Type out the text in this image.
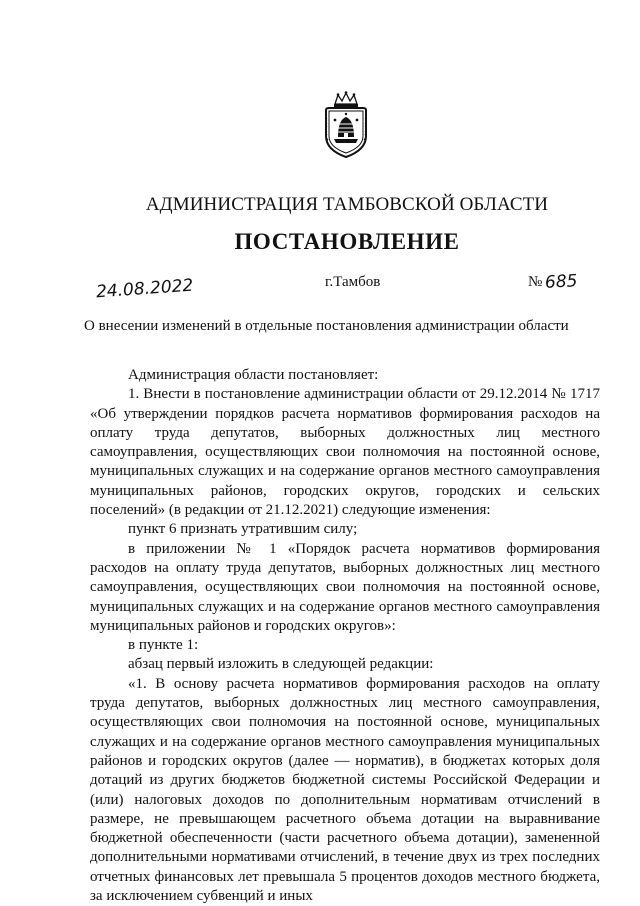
АДМИНИСТРАЦИЯ ТАМБОВСКОЙ ОБЛАСТИ
ПОСТАНОВЛЕНИЕ
24.08.2022	г.Тамбов	№ 685
О внесении изменений в отдельные постановления администрации области

Администрация области постановляет:

1. Внести в постановление администрации области от 29.12.2014 № 1717 «Об утверждении порядков расчета нормативов формирования расходов на оплату труда депутатов, выборных должностных лиц местного самоуправления, осуществляющих свои полномочия на постоянной основе, муниципальных служащих и на содержание органов местного самоуправления муниципальных районов, городских округов, городских и сельских поселений» (в редакции от 21.12.2021) следующие изменения:

пункт 6 признать утратившим силу;

в приложении № 1 «Порядок расчета нормативов формирования расходов на оплату труда депутатов, выборных должностных лиц местного самоуправления, осуществляющих свои полномочия на постоянной основе, муниципальных служащих и на содержание органов местного самоуправления муниципальных районов и городских округов»:

в пункте 1:

абзац первый изложить в следующей редакции:

«1. В основу расчета нормативов формирования расходов на оплату труда депутатов, выборных должностных лиц местного самоуправления, осуществляющих свои полномочия на постоянной основе, муниципальных служащих и на содержание органов местного самоуправления муниципальных районов и городских округов (далее — норматив), в бюджетах которых доля дотаций из других бюджетов бюджетной системы Российской Федерации и (или) налоговых доходов по дополнительным нормативам отчислений в размере, не превышающем расчетного объема дотации на выравнивание бюджетной обеспеченности (части расчетного объема дотации), замененной дополнительными нормативами отчислений, в течение двух из трех последних отчетных финансовых лет превышала 5 процентов доходов местного бюджета, за исключением субвенций и иных
